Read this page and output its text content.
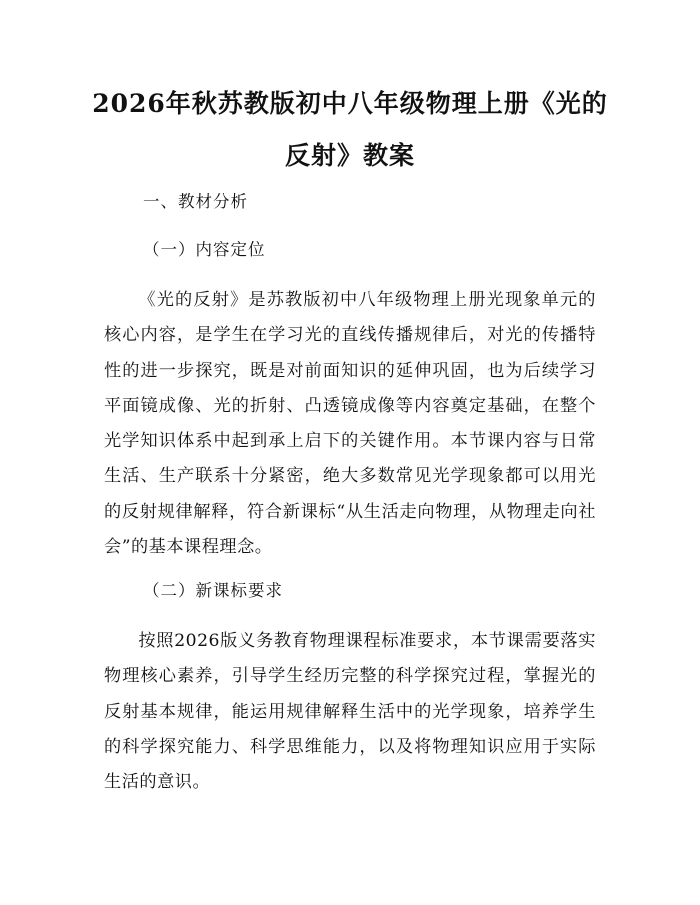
2026年秋苏教版初中八年级物理上册《光的反射》教案

一、教材分析

（一）内容定位

《光的反射》是苏教版初中八年级物理上册光现象单元的核心内容，是学生在学习光的直线传播规律后，对光的传播特性的进一步探究，既是对前面知识的延伸巩固，也为后续学习平面镜成像、光的折射、凸透镜成像等内容奠定基础，在整个光学知识体系中起到承上启下的关键作用。本节课内容与日常生活、生产联系十分紧密，绝大多数常见光学现象都可以用光的反射规律解释，符合新课标“从生活走向物理，从物理走向社会”的基本课程理念。

（二）新课标要求

按照2026版义务教育物理课程标准要求，本节课需要落实物理核心素养，引导学生经历完整的科学探究过程，掌握光的反射基本规律，能运用规律解释生活中的光学现象，培养学生的科学探究能力、科学思维能力，以及将物理知识应用于实际生活的意识。
